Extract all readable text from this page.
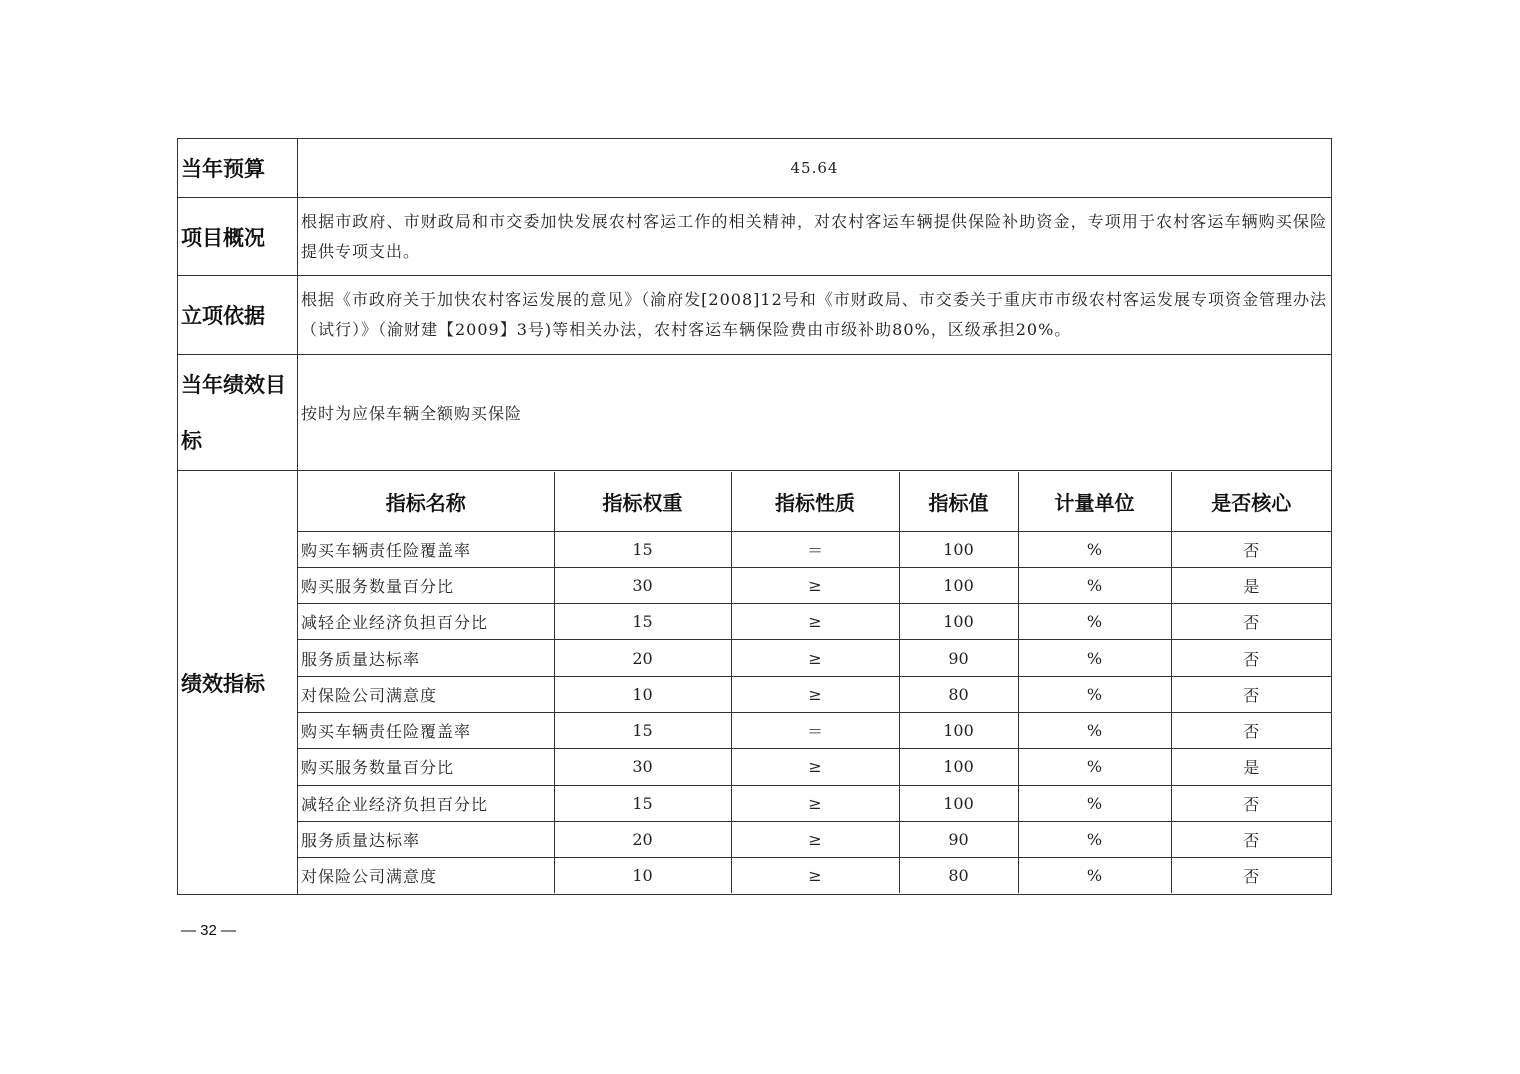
当年预算	45.64
项目概况	根据市政府、市财政局和市交委加快发展农村客运工作的相关精神，对农村客运车辆提供保险补助资金，专项用于农村客运车辆购买保险提供专项支出。
立项依据	根据《市政府关于加快农村客运发展的意见》（渝府发[2008]12号和《市财政局、市交委关于重庆市市级农村客运发展专项资金管理办法（试行）》（渝财建【2009】3号)等相关办法，农村客运车辆保险费由市级补助80%，区级承担20%。
当年绩效目
标	按时为应保车辆全额购买保险
绩效指标	
指标名称	指标权重	指标性质	指标值	计量单位	是否核心
购买车辆责任险覆盖率	15	＝	100	%	否
购买服务数量百分比	30	≥	100	%	是
减轻企业经济负担百分比	15	≥	100	%	否
服务质量达标率	20	≥	90	%	否
对保险公司满意度	10	≥	80	%	否
购买车辆责任险覆盖率	15	＝	100	%	否
购买服务数量百分比	30	≥	100	%	是
减轻企业经济负担百分比	15	≥	100	%	否
服务质量达标率	20	≥	90	%	否
对保险公司满意度	10	≥	80	%	否
— 32 —
